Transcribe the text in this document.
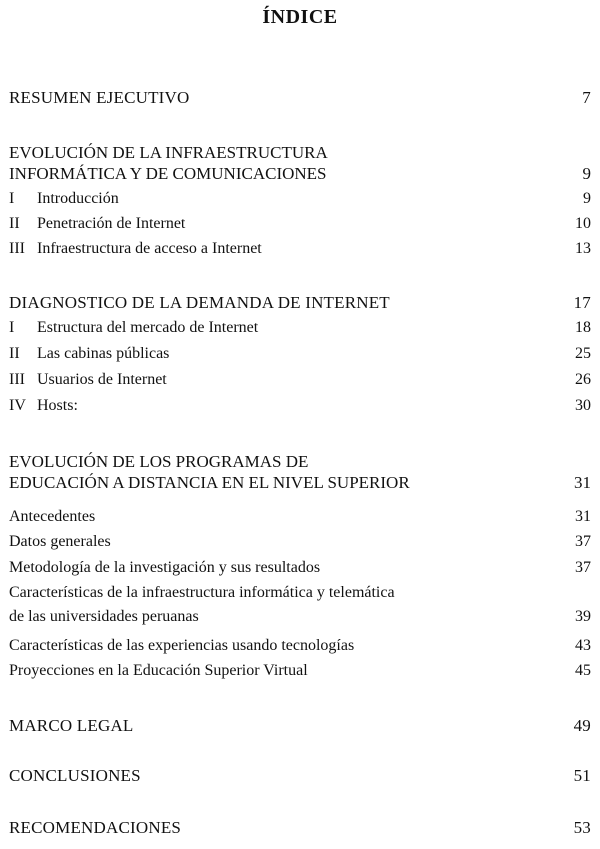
ÍNDICE
RESUMEN EJECUTIVO	7
EVOLUCIÓN DE LA INFRAESTRUCTURA
INFORMÁTICA Y DE COMUNICACIONES	9
I	Introducción	9
II	Penetración de Internet	10
III Infraestructura de acceso a Internet	13
DIAGNOSTICO DE LA DEMANDA DE INTERNET	17
I	Estructura del mercado de Internet	18
II	Las cabinas públicas	25
III Usuarios de Internet	26
IV Hosts:	30
EVOLUCIÓN DE LOS PROGRAMAS DE
EDUCACIÓN A DISTANCIA EN EL NIVEL SUPERIOR	31
Antecedentes	31
Datos generales	37
Metodología de la investigación y sus resultados	37
Características de la infraestructura informática y telemática
de las universidades peruanas	39
Características de las experiencias usando tecnologías	43
Proyecciones en la Educación Superior Virtual	45
MARCO LEGAL	49
CONCLUSIONES	51
RECOMENDACIONES	53
